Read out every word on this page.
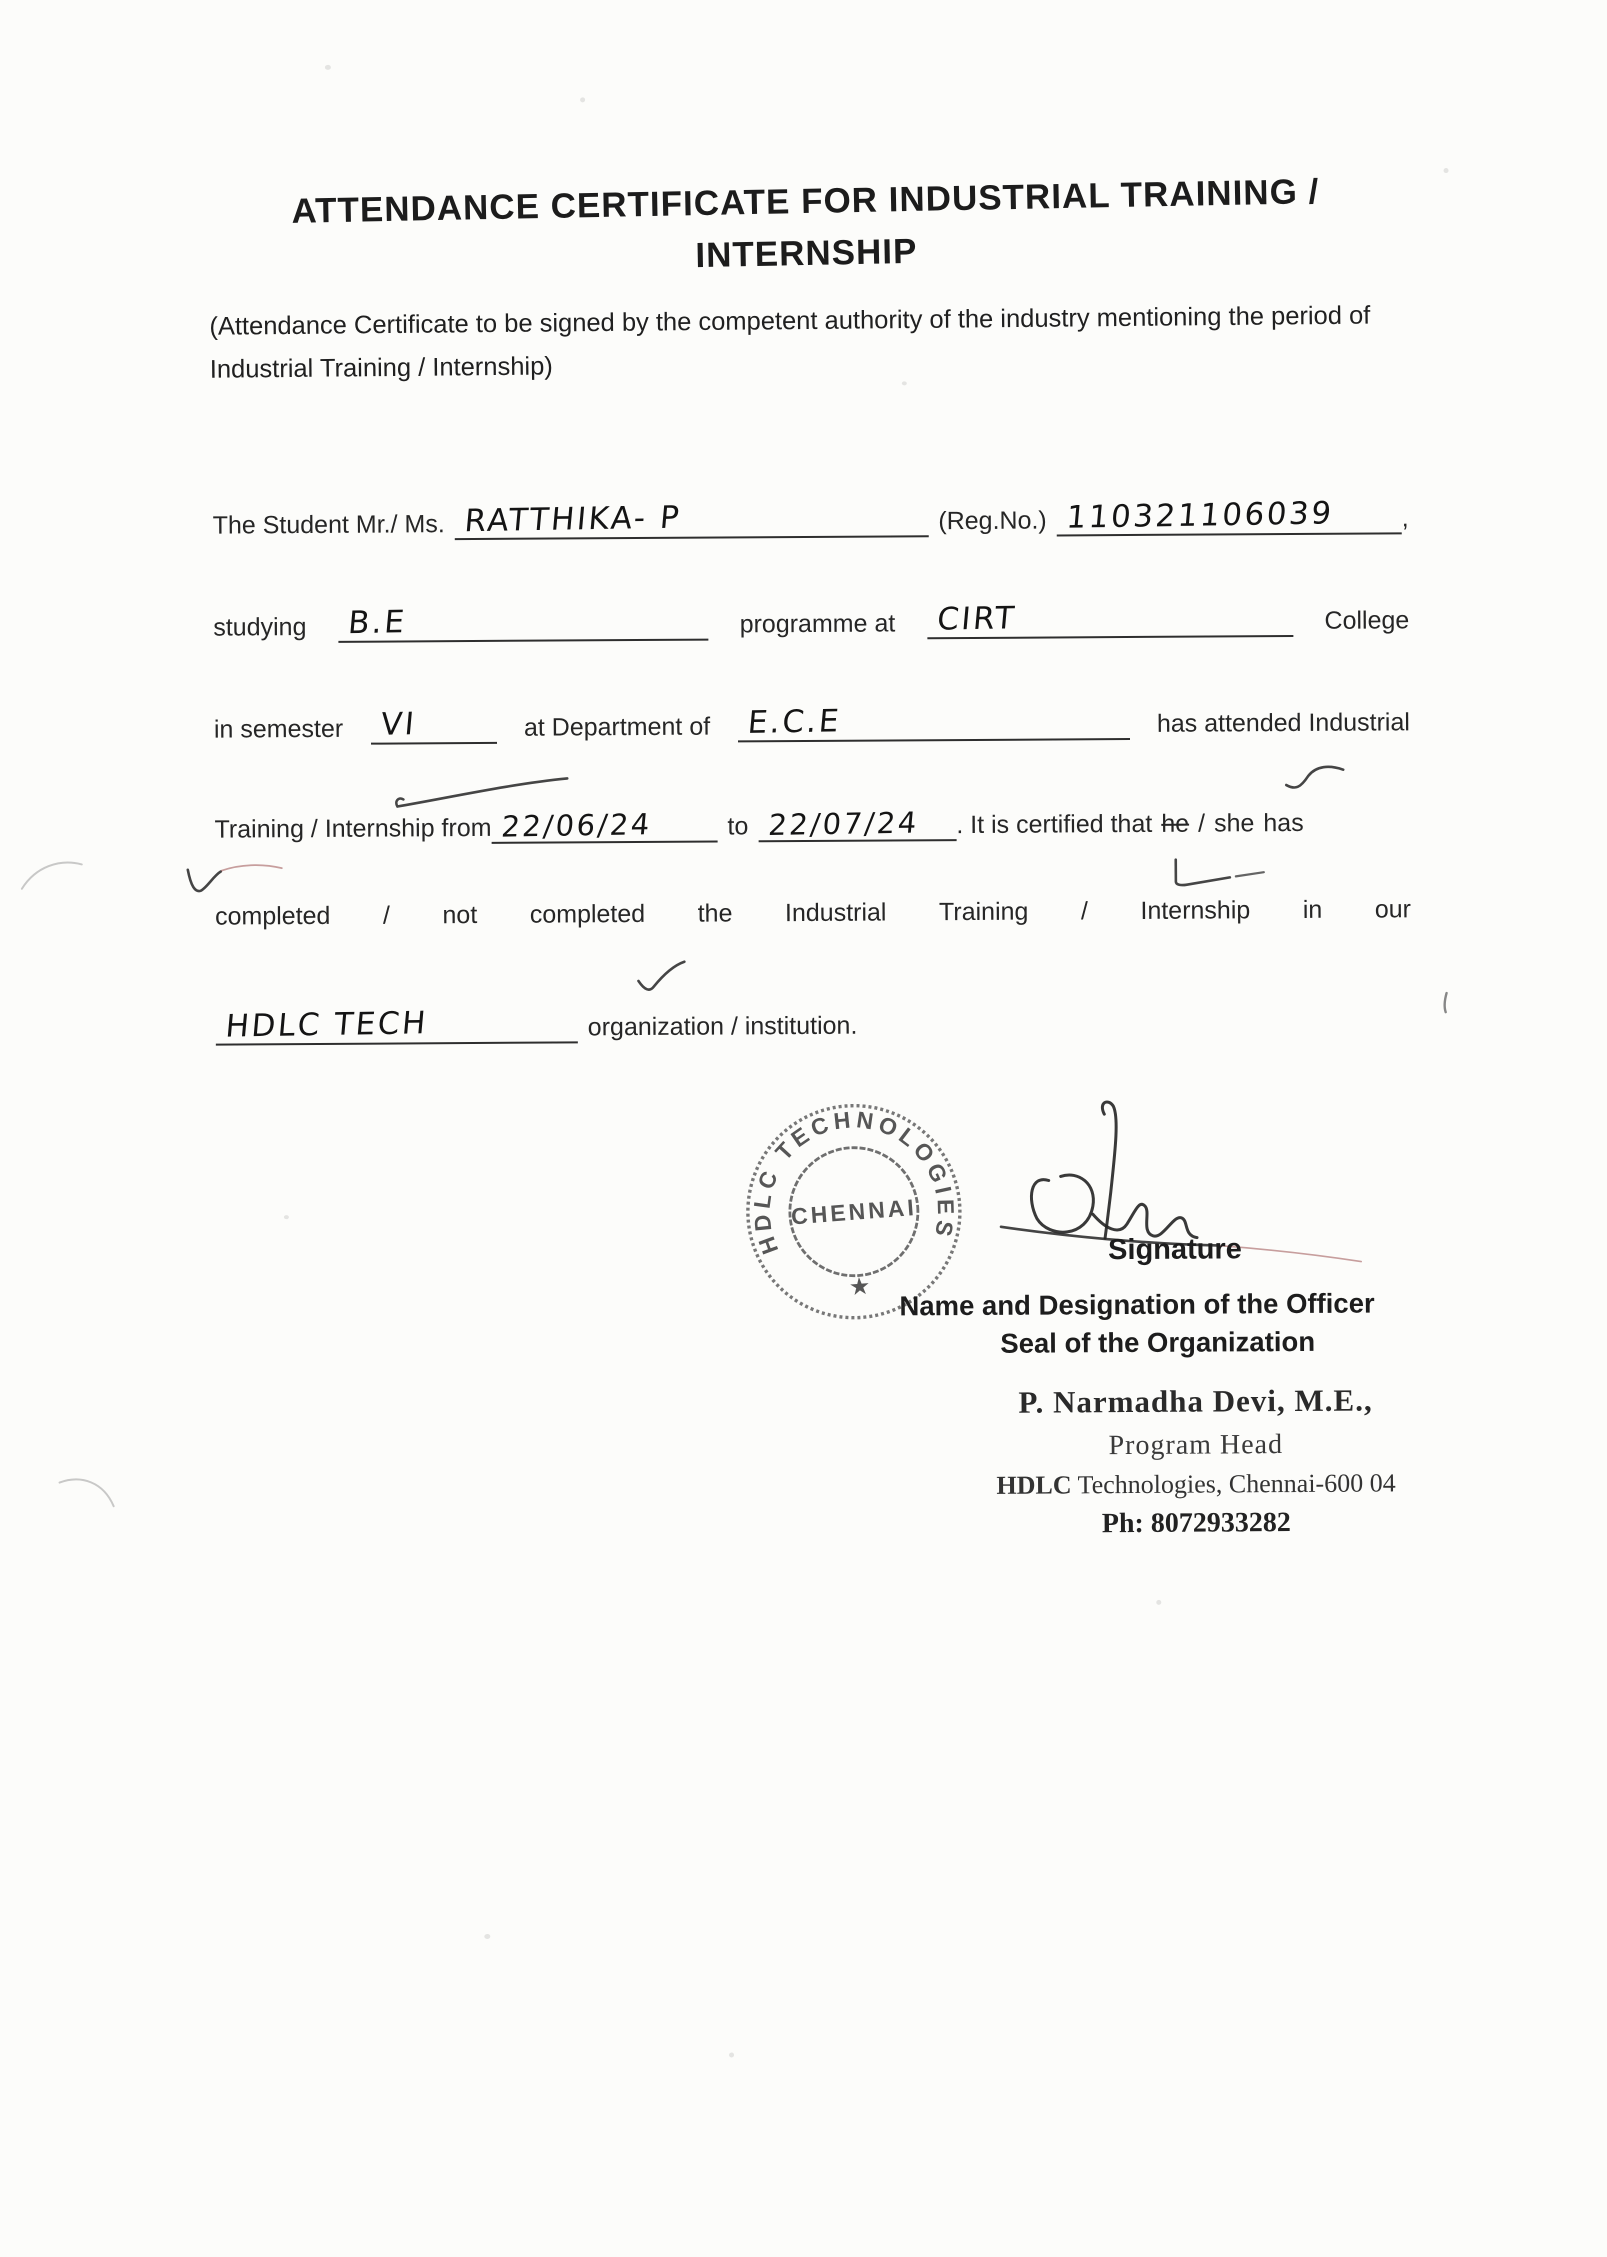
ATTENDANCE CERTIFICATE FOR INDUSTRIAL TRAINING /
INTERNSHIP
(Attendance Certificate to be signed by the competent authority of the industry mentioning the period of Industrial Training / Internship)
The Student Mr./ Ms. RATTHIKA- P	(Reg.No.) 110321106039	,
studying B.E	programme at CIRT	College
in semester VI	at Department of E.C.E	has attended Industrial
Training / Internship from 22/06/24	to 22/07/24 . It is certified that he / she has
completed / not completed the Industrial Training / Internship in our
HDLC TECH	organization / institution.
HDLC TECHNOLOGIES
CHENNAI
★
Signature
Name and Designation of the Officer
Seal of the Organization
P. Narmadha Devi, M.E.,
Program Head
HDLC Technologies, Chennai-600 04
Ph: 8072933282
